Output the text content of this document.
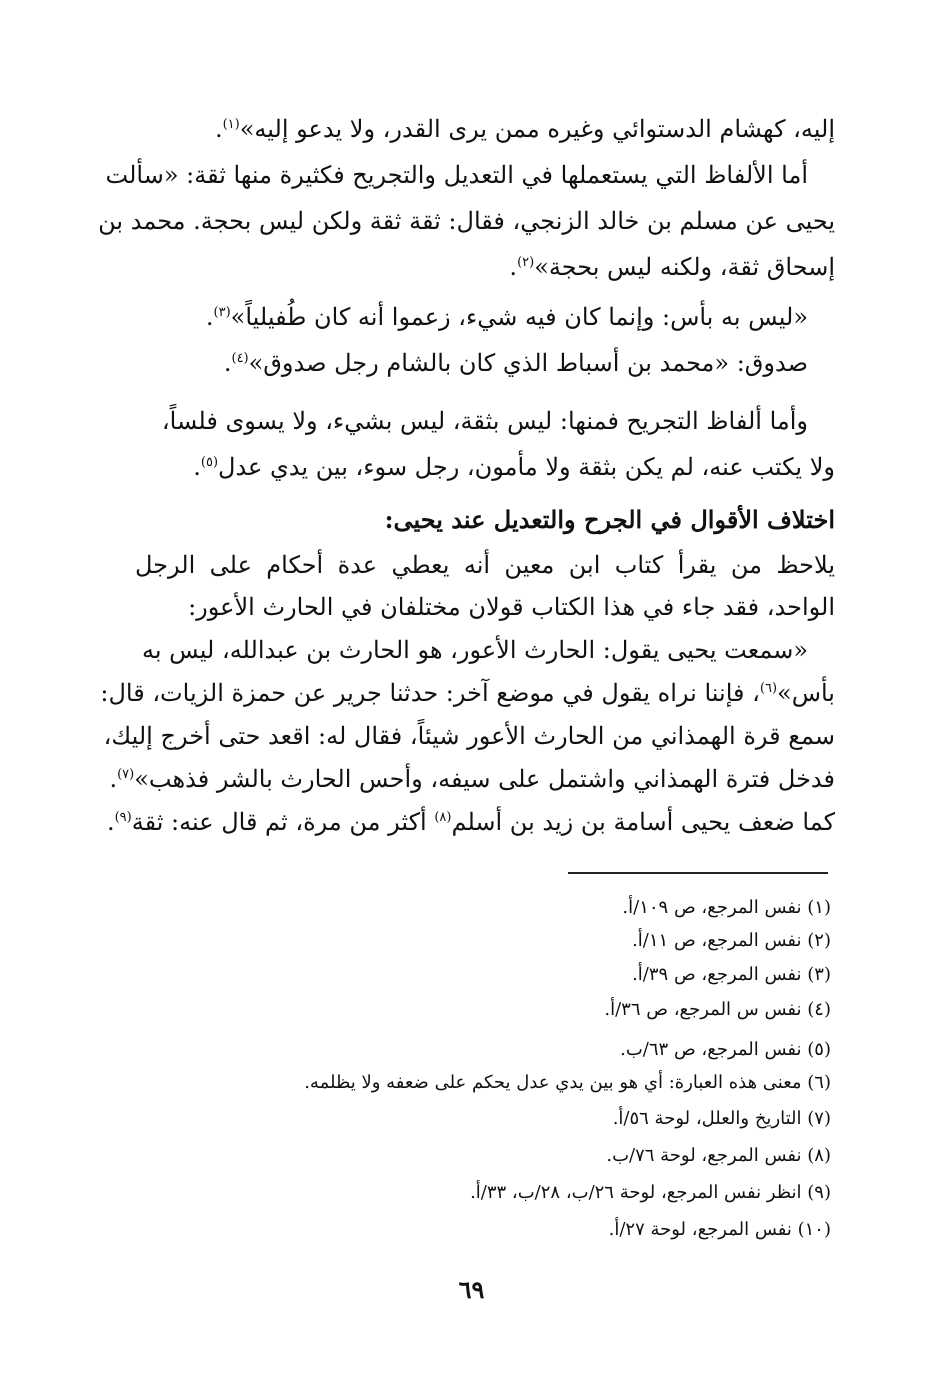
إليه، كهشام الدستوائي وغيره ممن يرى القدر، ولا يدعو إليه»$^{(١)}$.
أما الألفاظ التي يستعملها في التعديل والتجريح فكثيرة منها ثقة: «سألت
يحيى عن مسلم بن خالد الزنجي، فقال: ثقة ثقة ولكن ليس بحجة. محمد بن
إسحاق ثقة، ولكنه ليس بحجة»$^{(٢)}$.
«ليس به بأس: وإنما كان فيه شيء، زعموا أنه كان طُفيلياً»$^{(٣)}$.
صدوق: «محمد بن أسباط الذي كان بالشام رجل صدوق»$^{(٤)}$.
وأما ألفاظ التجريح فمنها: ليس بثقة، ليس بشيء، ولا يسوى فلساً،
ولا يكتب عنه، لم يكن بثقة ولا مأمون، رجل سوء، بين يدي عدل$^{(٥)}$.
اختلاف الأقوال في الجرح والتعديل عند يحيى:
يلاحظ من يقرأ كتاب ابن معين أنه يعطي عدة أحكام على الرجل
الواحد، فقد جاء في هذا الكتاب قولان مختلفان في الحارث الأعور:
«سمعت يحيى يقول: الحارث الأعور، هو الحارث بن عبدالله، ليس به
بأس»$^{(٦)}$، فإننا نراه يقول في موضع آخر: حدثنا جرير عن حمزة الزيات، قال:
سمع قرة الهمذاني من الحارث الأعور شيئاً، فقال له: اقعد حتى أخرج إليك،
فدخل فترة الهمذاني واشتمل على سيفه، وأحس الحارث بالشر فذهب»$^{(٧)}$.
كما ضعف يحيى أسامة بن زيد بن أسلم$^{(٨)}$ أكثر من مرة، ثم قال عنه: ثقة$^{(٩)}$.
(١) نفس المرجع، ص ١٠٩/أ.
(٢) نفس المرجع، ص ١١/أ.
(٣) نفس المرجع، ص ٣٩/أ.
(٤) نفس س المرجع، ص ٣٦/أ.
(٥) نفس المرجع، ص ٦٣/ب.
(٦) معنى هذه العبارة: أي هو بين يدي عدل يحكم على ضعفه ولا يظلمه.
(٧) التاريخ والعلل، لوحة ٥٦/أ.
(٨) نفس المرجع، لوحة ٧٦/ب.
(٩) انظر نفس المرجع، لوحة ٢٦/ب، ٢٨/ب، ٣٣/أ.
(١٠) نفس المرجع، لوحة ٢٧/أ.
٦٩
